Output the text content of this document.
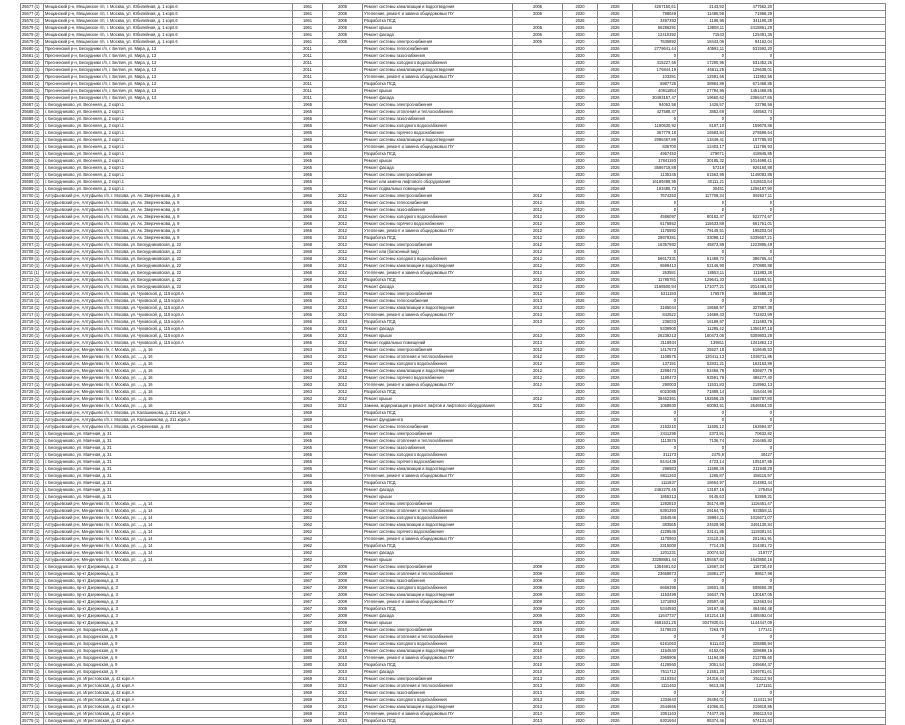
25677 (1)	Мещанский р-н, Мещанское г/п, г. Москва, ул. Юбилейная, д. 1 корп.6	1961	2005	Ремонт системы канализации и водоотведения	2005	2020	2026	4267150,61	2143,92	477562,20	
25677 (2)	Мещанский р-н, Мещанское г/п, г. Москва, ул. Юбилейная, д. 1 корп.6	1961	2005	Утепление, ремонт и замена общедомовых ПУ	2005	2020	2026	788049	11486,96	71968,29	
25678 (1)	Мещанский р-н, Мещанское г/п, г. Москва, ул. Юбилейная, д. 1 корп.6	1961	2005	Разработка ПСД		2026	2026	3497393	1196,96	341190,38	
25679 (1)	Мещанский р-н, Мещанское г/п, г. Москва, ул. Юбилейная, д. 1 корп.6	1961	2005	Ремонт крыши	2005	2026	2026	56286291	13808,11	2418861,29	
25679 (2)	Мещанский р-н, Мещанское г/п, г. Москва, ул. Юбилейная, д. 1 корп.6	1961	2005	Ремонт фасада	2005	2020	2026	12410392	71543	125491,36	
25679 (3)	Мещанский р-н, Мещанское г/п, г. Москва, ул. Юбилейная, д. 1 корп.6	1961	2005	Ремонт системы электроснабжения	2005	2020	2026	7635892	18443,06	94162,04	
25680 (1)	Пресненский р-н, Бескудники г/п, г. Белгия, ул. Мира, д. 13	2011		Ремонт системы теплоснабжения		2020	2026	2779641,44	40592,11	531592,20	
25681 (1)	Пресненский р-н, Бескудники г/п, г. Белгия, ул. Мира, д. 13	2011		Ремонт системы газоснабжения		2020	2026	0	0	0	
25682 (1)	Пресненский р-н, Бескудники г/п, г. Белгия, ул. Мира, д. 13	2011		Ремонт системы холодного водоснабжения		2020	2026	415227,66	17290,96	531452,26	
25683 (1)	Пресненский р-н, Бескудники г/п, г. Белгия, ул. Мира, д. 13	2011		Ремонт системы канализации и водоотведения		2020	2026	176844,19	46611,25	126638,01	
25683 (2)	Пресненский р-н, Бескудники г/п, г. Белгия, ул. Мира, д. 13	2011		Утепление, ремонт и замена общедомовых ПУ		2020	2026	103291	12591,66	111952,56	
25684 (1)	Пресненский р-н, Бескудники г/п, г. Белгия, ул. Мира, д. 13	2011		Разработка ПСД		2020	2026	6987726	38964,89	671468,85	
25685 (1)	Пресненский р-н, Бескудники г/п, г. Белгия, ул. Мира, д. 13	2011		Ремонт крыши		2020	2026	40911854	27794,96	1451468,85	
25686 (1)	Пресненский р-н, Бескудники г/п, г. Белгия, ул. Мира, д. 13	2011		Ремонт фасада		2020	2026	30493157,47	19660,62	2356447,86	
25687 (1)	г. Бескудниково, ул. Весенняя, д. 2 корп.1	1965		Ремонт системы электроснабжения		2020	2026	94062,56	1426,57	22798,56	
25688 (1)	г. Бескудниково, ул. Весенняя, д. 2 корп.1	1965		Ремонт системы отопления и теплоснабжения		2020	2026	427588,47	3852,69	448563,74	
25689 (1)	г. Бескудниково, ул. Весенняя, д. 2 корп.1	1965		Ремонт системы газоснабжения		2020	2026	0	0	0	
25690 (1)	г. Бескудниково, ул. Весенняя, д. 2 корп.1	1965		Ремонт системы холодного водоснабжения		2020	2026	1190630,92	6197,10	159678,86	
25691 (1)	г. Бескудниково, ул. Весенняя, д. 2 корп.1	1965		Ремонт системы горячего водоснабжения		2020	2026	367779,18	16583,84	275596,64	
25692 (1)	г. Бескудниково, ул. Весенняя, д. 2 корп.1	1965		Ремонт системы канализации и водоотведения		2020	2026	2086457,89	13449,41	107785,93	
25693 (1)	г. Бескудниково, ул. Весенняя, д. 2 корп.1	1965		Утепление, ремонт и замена общедомовых ПУ		2020	2026	836700	12403,17	111786,93	
25694 (1)	г. Бескудниково, ул. Весенняя, д. 2 корп.1	1965		Разработка ПСД		2020	2026	4967453	279071	418945,85	
25695 (1)	г. Бескудниково, ул. Весенняя, д. 2 корп.1	1965		Ремонт крыши		2020	2026	17841193	30185,32	1014698,41	
25696 (1)	г. Бескудниково, ул. Весенняя, д. 2 корп.1	1965		Ремонт фасада		2020	2026	3586719,88	57319	926160,88	
25697 (1)	г. Бескудниково, ул. Весенняя, д. 2 корп.1	1965		Ремонт системы электроснабжения		2020	2026	1135345	61563,96	1148083,88	
25698 (1)	г. Бескудниково, ул. Весенняя, д. 2 корп.1	1965		Ремонт или замена лифтового оборудования		2020	2026	16189498,95	40111,21	1416515,64	
25699 (1)	г. Бескудниково, ул. Весенняя, д. 2 корп.1	1965		Ремонт подвальных помещений		2020	2026	193485,73	30451	1256187,90	
25700 (1)	Алтуфьевский р-н, Алтуфьево г/п, г. Москва, ул. Ак. Зверзченкова, д. 9	1966	2012	Ремонт системы электроснабжения	2012	2020	2026	7674253	117709,34	592627,11	
25701 (1)	Алтуфьевский р-н, Алтуфьево г/п, г. Москва, ул. Ак. Зверзченкова, д. 9	1966	2012	Ремонт системы теплоснабжения	2012	2026	2026	0	0	0	
25702 (1)	Алтуфьевский р-н, Алтуфьево г/п, г. Москва, ул. Ак. Зверзченкова, д. 9	1966	2012	Ремонт системы газоснабжения	2012	2020	2026	0	0	0	
25703 (1)	Алтуфьевский р-н, Алтуфьево г/п, г. Москва, ул. Ак. Зверзченкова, д. 9	1966	2012	Ремонт системы холодного водоснабжения	2012	2020	2026	4586097	80182,47	522774,67	
25704 (1)	Алтуфьевский р-н, Алтуфьево г/п, г. Москва, ул. Ак. Зверзченкова, д. 9	1966	2012	Ремонт системы горячего водоснабжения	2012	2020	2026	6175852	115633,89	661761,01	
25705 (1)	Алтуфьевский р-н, Алтуфьево г/п, г. Москва, ул. Ак. Зверзченкова, д. 9	1966	2012	Утепление, ремонт и замена общедомовых ПУ	2012	2020	2026	1175982	79149,51	195203,04	
25706 (1)	Алтуфьевский р-н, Алтуфьево г/п, г. Москва, ул. Ак. Зверзченкова, д. 9	1966	2012	Разработка ПСД	2012	2020	2026	29878381	33098,12	5335667,21	
25707 (1)	Алтуфьевский р-н, Алтуфьево г/п, г. Москва, ул. Бескудниковская, д. 22	1968	2012	Ремонт системы электроснабжения	2012	2020	2026	16357982	45873,89	1223895,49	
25708 (1)	Алтуфьевский р-н, Алтуфьево г/п, г. Москва, ул. Бескудниковская, д. 22	1968	2012	Ремонт или (балконный вид)	2012	2026	2026	0	0	0	
25709 (1)	Алтуфьевский р-н, Алтуфьево г/п, г. Москва, ул. Бескудниковская, д. 22	1968	2012	Ремонт системы холодного водоснабжения	2012	2020	2026	56617331	51489,72	396765,44	
25710 (1)	Алтуфьевский р-н, Алтуфьево г/п, г. Москва, ул. Бескудниковская, д. 22	1968	2012	Ремонт системы канализации и водоотведения	2012	2020	2026	6599413	52146,90	270880,88	
25711 (1)	Алтуфьевский р-н, Алтуфьево г/п, г. Москва, ул. Бескудниковская, д. 22	1968	2012	Утепление, ремонт и замена общедомовых ПУ	2012	2020	2026	263581	18553,11	111883,28	
25712 (1)	Алтуфьевский р-н, Алтуфьево г/п, г. Москва, ул. Бескудниковская, д. 22	1968	2012	Разработка ПСД	2012	2020	2026	11785781	129641,33	414884,51	
25713 (1)	Алтуфьевский р-н, Алтуфьево г/п, г. Москва, ул. Бескудниковская, д. 22	1968	2012	Ремонт фасада	2012	2020	2026	2168500,94	171077,21	2014481,40	
25714 (1)	Алтуфьевский р-н, Алтуфьево г/п, г. Москва, ул. Чуковской, д. 115 корп.А	1966	2013	Ремонт системы электроснабжения	2012	2020	2026	5311193	176579	484588,20	
25715 (1)	Алтуфьевский р-н, Алтуфьево г/п, г. Москва, ул. Чуковской, д. 115 корп.А	1966	2013	Ремонт системы теплоснабжения	2013	2026	2026	0	0	0	
25716 (1)	Алтуфьевский р-н, Алтуфьево г/п, г. Москва, ул. Чуковской, д. 115 корп.А	1966	2013	Ремонт системы канализации и водоотведения	2013	2020	2026	3185044	18668,97	327887,39	
25717 (1)	Алтуфьевский р-н, Алтуфьево г/п, г. Москва, ул. Чуковской, д. 115 корп.А	1966	2013	Утепление, ремонт и замена общедомовых ПУ	2013	2020	2026	842522	14669,43	711823,99	
25718 (1)	Алтуфьевский р-н, Алтуфьево г/п, г. Москва, ул. Чуковской, д. 115 корп.А	1966	2013	Разработка ПСД	2013	2020	2026	236033	16189,87	211683,79	
25719 (1)	Алтуфьевский р-н, Алтуфьево г/п, г. Москва, ул. Чуковской, д. 115 корп.А	1966	2013	Ремонт фасада		2020	2026	5338900	11285,42	1356197,18	
25720 (1)	Алтуфьевский р-н, Алтуфьево г/п, г. Москва, ул. Чуковской, д. 115 корп.А	1966	2013	Ремонт крыши	2013	2020	2026	26239213	160473,05	5309803,29	
25721 (1)	Алтуфьевский р-н, Алтуфьево г/п, г. Москва, ул. Чуковской, д. 115 корп.А	1966	2013	Ремонт подвальных помещений	2013	2020	2026	3118934	139811	1341863,13	
25722 (1)	Алтуфьевский р-н, Менделево г/п, г. Москва, ул. ..., д. 16	1963	2012	Ремонт системы электроснабжения	2012	2020	2026	1417673	25527,18	516645,53	
25723 (1)	Алтуфьевский р-н, Менделево г/п, г. Москва, ул. ..., д. 16	1963	2012	Ремонт системы отопления и теплоснабжения	2012	2020	2026	1108576	120411,13	1036711,86	
25724 (1)	Алтуфьевский р-н, Менделево г/п, г. Москва, ул. ..., д. 16	1963	2012	Ремонт системы холодного водоснабжения	2012	2020	2026	137191	52831,21	163163,89	
25725 (1)	Алтуфьевский р-н, Менделево г/п, г. Москва, ул. ..., д. 16	1963	2012	Ремонт системы канализации и водоотведения	2012	2020	2026	3288473	52456,78	536977,79	
25726 (1)	Алтуфьевский р-н, Менделево г/п, г. Москва, ул. ..., д. 16	1963	2012	Ремонт системы горячего водоснабжения	2012	2020	2026	1180473	93591,78	486277,40	
25727 (1)	Алтуфьевский р-н, Менделево г/п, г. Москва, ул. ..., д. 16	1963	2012	Утепление, ремонт и замена общедомовых ПУ	2012	2020	2026	290003	11531,83	218962,13	
25728 (1)	Алтуфьевский р-н, Менделево г/п, г. Москва, ул. ..., д. 16	1963	2012	Разработка ПСД		2020	2026	6023085	71889,14	416444,96	
25729 (1)	Алтуфьевский р-н, Менделево г/п, г. Москва, ул. ..., д. 16	1963	2012	Ремонт крыши	2012	2020	2026	38462361	192558,25	1858787,80	
25730 (1)	Алтуфьевский р-н, Менделево г/п, г. Москва, ул. ..., д. 16	1963	2012	Замена, модернизация и ремонт лифтов и лифтового оборудования	2012	2020	2026	1068930	60093,51	2646564,30	
25731 (1)	Алтуфьевский р-н, Алтуфьево г/п, г. Москва, ул. Калашникова, д. 211 корп.А	1969		Разработка ПСД		2020	2026	0	0	0	
25732 (1)	Алтуфьевский р-н, Алтуфьево г/п, г. Москва, ул. Калашникова, д. 211 корп.А	1969		Ремонт фундамента		2020	2026	0	0	0	
25733 (1)	Алтуфьевский р-н, Алтуфьево г/п, г. Москва, ул. Сиреневая, д. 49	1963		Ремонт системы теплоснабжения		2020	2026	2153210	11505,12	162694,87	
25734 (1)	г. Бескудниково, ул. Маячная, д. 31	1965		Ремонт системы электроснабжения		2020	2026	2411295	2373,91	70632,82	
25735 (1)	г. Бескудниково, ул. Маячная, д. 31	1965		Ремонт системы отопления и теплоснабжения		2020	2026	1113575	7136,74	216465,82	
25736 (1)	г. Бескудниково, ул. Маячная, д. 31	1965		Ремонт системы газоснабжения		2020	2026	0	0	0	
25737 (1)	г. Бескудниково, ул. Маячная, д. 31	1965		Ремонт системы холодного водоснабжения		2020	2026	311173	2475,9	40427	
25738 (1)	г. Бескудниково, ул. Маячная, д. 31	1965		Ремонт системы горячего водоснабжения		2020	2026	8441439	4723,14	105197,85	
25739 (1)	г. Бескудниково, ул. Маячная, д. 31	1965		Ремонт системы канализации и водоотведения		2020	2026	296583	11598,36	211948,29	
25740 (1)	г. Бескудниково, ул. Маячная, д. 31	1965		Утепление, ремонт и замена общедомовых ПУ		2020	2026	6811263	1265,87	158116,97	
25741 (1)	г. Бескудниково, ул. Маячная, д. 31	1965		Разработка ПСД		2020	2026	1111837	18664,97	214893,44	
25742 (1)	г. Бескудниково, ул. Маячная, д. 31	1965		Ремонт фасада		2020	2026	2462270,45	13197,16	275454	
25743 (1)	г. Бескудниково, ул. Маячная, д. 31	1965		Ремонт крыши		2020	2026	1865213	9145,63	52869,31	
25744 (1)	Алтуфьевский р-н, Менделево г/п, г. Москва, ул. ..., д. 14	1962		Ремонт системы электроснабжения		2020	2026	1282810	36174,89	1116451,47	
25745 (1)	Алтуфьевский р-н, Менделево г/п, г. Москва, ул. ..., д. 14	1962		Ремонт системы отопления и теплоснабжения		2020	2026	6391393	29164,75	923558,11	
25746 (1)	Алтуфьевский р-н, Менделево г/п, г. Москва, ул. ..., д. 14	1962		Ремонт системы холодного водоснабжения		2020	2026	1554546	39984,11	1016671,07	
25747 (1)	Алтуфьевский р-н, Менделево г/п, г. Москва, ул. ..., д. 14	1962		Ремонт системы канализации и водоотведения		2020	2026	383565	24629,98	3491130,84	
25748 (1)	Алтуфьевский р-н, Менделево г/п, г. Москва, ул. ..., д. 14	1962		Ремонт системы горячего водоснабжения		2020	2026	4229546	33141,85	1119381,51	
25749 (1)	Алтуфьевский р-н, Менделево г/п, г. Москва, ул. ..., д. 14	1962		Утепление, ремонт и замена общедомовых ПУ		2020	2026	1170963	24110,26	201461,91	
25750 (1)	Алтуфьевский р-н, Менделево г/п, г. Москва, ул. ..., д. 14	1962		Разработка ПСД		2020	2026	2315000	7714,25	214381,72	
25751 (1)	Алтуфьевский р-н, Менделево г/п, г. Москва, ул. ..., д. 14	1962		Ремонт фасада		2020	2026	1201231	20074,53	219777	
25752 (1)	Алтуфьевский р-н, Менделево г/п, г. Москва, ул. ..., д. 14	1962		Ремонт крыши		2020	2026	33288881,44	188467,82	1643850,16	
25753 (1)	г. Бескудниково, пр-кт Дзержинца, д. 3	1967	2009	Ремонт системы электроснабжения	2009	2020	2026	1354691,62	12667,34	116730,40	
25754 (1)	г. Бескудниково, пр-кт Дзержинца, д. 3	1967	2009	Ремонт системы отопления и теплоснабжения	2009	2020	2026	23668873	15891,27	98617,98	
25755 (1)	г. Бескудниково, пр-кт Дзержинца, д. 3	1967	2009	Ремонт системы газоснабжения	2009	2026	2026	0	0	0	
25756 (1)	г. Бескудниково, пр-кт Дзержинца, д. 3	1967	2009	Ремонт системы холодного водоснабжения	2009	2020	2026	6666395	18601,45	508650,39	
25757 (1)	г. Бескудниково, пр-кт Дзержинца, д. 3	1967	2009	Ремонт системы канализации и водоотведения	2009	2020	2026	1153498	16647,78	130167,05	
25758 (1)	г. Бескудниково, пр-кт Дзержинца, д. 3	1967	2009	Утепление, ремонт и замена общедомовых ПУ	2009	2020	2026	1371893	28597,46	112663,94	
25759 (1)	г. Бескудниково, пр-кт Дзержинца, д. 3	1967	2009	Разработка ПСД	2009	2020	2026	5344593	18167,46	464484,48	
25760 (1)	г. Бескудниково, пр-кт Дзержинца, д. 3	1967	2009	Ремонт фасада	2009	2020	2026	11647737	101214,18	1408492,04	
25761 (1)	г. Бескудниково, пр-кт Дзержинца, д. 3	1967	2009	Ремонт крыши	2009	2020	2026	4681531,25	3047830,61	1144447,09	
25762 (1)	г. Бескудниково, ул. Бородинская, д. 9	1980	2010	Ремонт системы электроснабжения	2010	2020	2026	3178623	7263,79	177141	
25763 (1)	г. Бескудниково, ул. Бородинская, д. 9	1980	2010	Ремонт системы отопления и теплоснабжения	2010	2026	2026	0	0	0	
25764 (1)	г. Бескудниково, ул. Бородинская, д. 9	1980	2010	Ремонт системы холодного водоснабжения	2010	2020	2026	6161063	6111,63	326885,94	
25765 (1)	г. Бескудниково, ул. Бородинская, д. 9	1980	2010	Ремонт системы канализации и водоотведения	2010	2020	2026	1164540	6152,06	328689,16	
25766 (1)	г. Бескудниково, ул. Бородинская, д. 9	1980	2010	Утепление, ремонт и замена общедомовых ПУ	2010	2020	2026	2965906	11194,88	212785,60	
25767 (1)	г. Бескудниково, ул. Бородинская, д. 9	1980	2010	Разработка ПСД	2010	2020	2026	4126560	3051,54	246684,37	
25768 (1)	г. Бескудниково, ул. Бородинская, д. 9	1980	2010	Ремонт фасада	2010	2020	2026	7611712	21551,20	1349781,61	
25769 (1)	г. Бескудниково, ул. Игрестовская, д. 42 корп.А	1969	2013	Ремонт системы электроснабжения	2013	2020	2026	3110354	24316,44	251112,94	
25770 (1)	г. Бескудниково, ул. Игрестовская, д. 42 корп.А	1969	2013	Ремонт системы отопления и теплоснабжения	2013	2020	2026	1111463	9613,36	1271151	
25771 (1)	г. Бескудниково, ул. Игрестовская, д. 42 корп.А	1969	2013	Ремонт системы газоснабжения	2013	2026	2026	0	0	0	
25772 (1)	г. Бескудниково, ул. Игрестовская, д. 42 корп.А	1969	2013	Ремонт системы холодного водоснабжения	2013	2020	2026	1334643	26494,01	114411,94	
25773 (1)	г. Бескудниково, ул. Игрестовская, д. 42 корп.А	1969	2013	Ремонт системы канализации и водоотведения	2013	2020	2026	2544666	41066,81	219818,85	
25774 (1)	г. Бескудниково, ул. Игрестовская, д. 42 корп.А	1969	2013	Утепление, ремонт и замена общедомовых ПУ	2013	2020	2026	2051163	74477,26	295113,53	
25775 (1)	г. Бескудниково, ул. Игрестовская, д. 42 корп.А	1969	2013	Разработка ПСД	2013	2020	2026	6301664	85374,46	674131,63	
